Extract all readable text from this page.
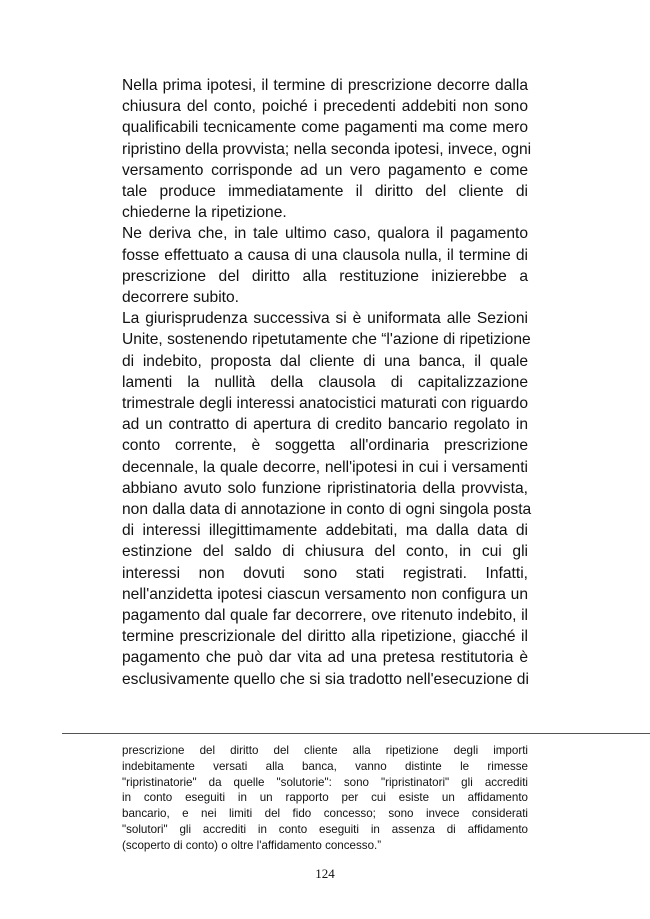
Nella prima ipotesi, il termine di prescrizione decorre dalla
chiusura del conto, poiché i precedenti addebiti non sono
qualificabili tecnicamente come pagamenti ma come mero
ripristino della provvista; nella seconda ipotesi, invece, ogni
versamento corrisponde ad un vero pagamento e come
tale produce immediatamente il diritto del cliente di
chiederne la ripetizione.
Ne deriva che, in tale ultimo caso, qualora il pagamento
fosse effettuato a causa di una clausola nulla, il termine di
prescrizione del diritto alla restituzione inizierebbe a
decorrere subito.
La giurisprudenza successiva si è uniformata alle Sezioni
Unite, sostenendo ripetutamente che “l'azione di ripetizione
di indebito, proposta dal cliente di una banca, il quale
lamenti la nullità della clausola di capitalizzazione
trimestrale degli interessi anatocistici maturati con riguardo
ad un contratto di apertura di credito bancario regolato in
conto corrente, è soggetta all'ordinaria prescrizione
decennale, la quale decorre, nell'ipotesi in cui i versamenti
abbiano avuto solo funzione ripristinatoria della provvista,
non dalla data di annotazione in conto di ogni singola posta
di interessi illegittimamente addebitati, ma dalla data di
estinzione del saldo di chiusura del conto, in cui gli
interessi non dovuti sono stati registrati. Infatti,
nell'anzidetta ipotesi ciascun versamento non configura un
pagamento dal quale far decorrere, ove ritenuto indebito, il
termine prescrizionale del diritto alla ripetizione, giacché il
pagamento che può dar vita ad una pretesa restitutoria è
esclusivamente quello che si sia tradotto nell'esecuzione di
prescrizione del diritto del cliente alla ripetizione degli importi
indebitamente versati alla banca, vanno distinte le rimesse
"ripristinatorie" da quelle "solutorie": sono "ripristinatori" gli accrediti
in conto eseguiti in un rapporto per cui esiste un affidamento
bancario, e nei limiti del fido concesso; sono invece considerati
"solutori" gli accrediti in conto eseguiti in assenza di affidamento
(scoperto di conto) o oltre l'affidamento concesso.”
124
